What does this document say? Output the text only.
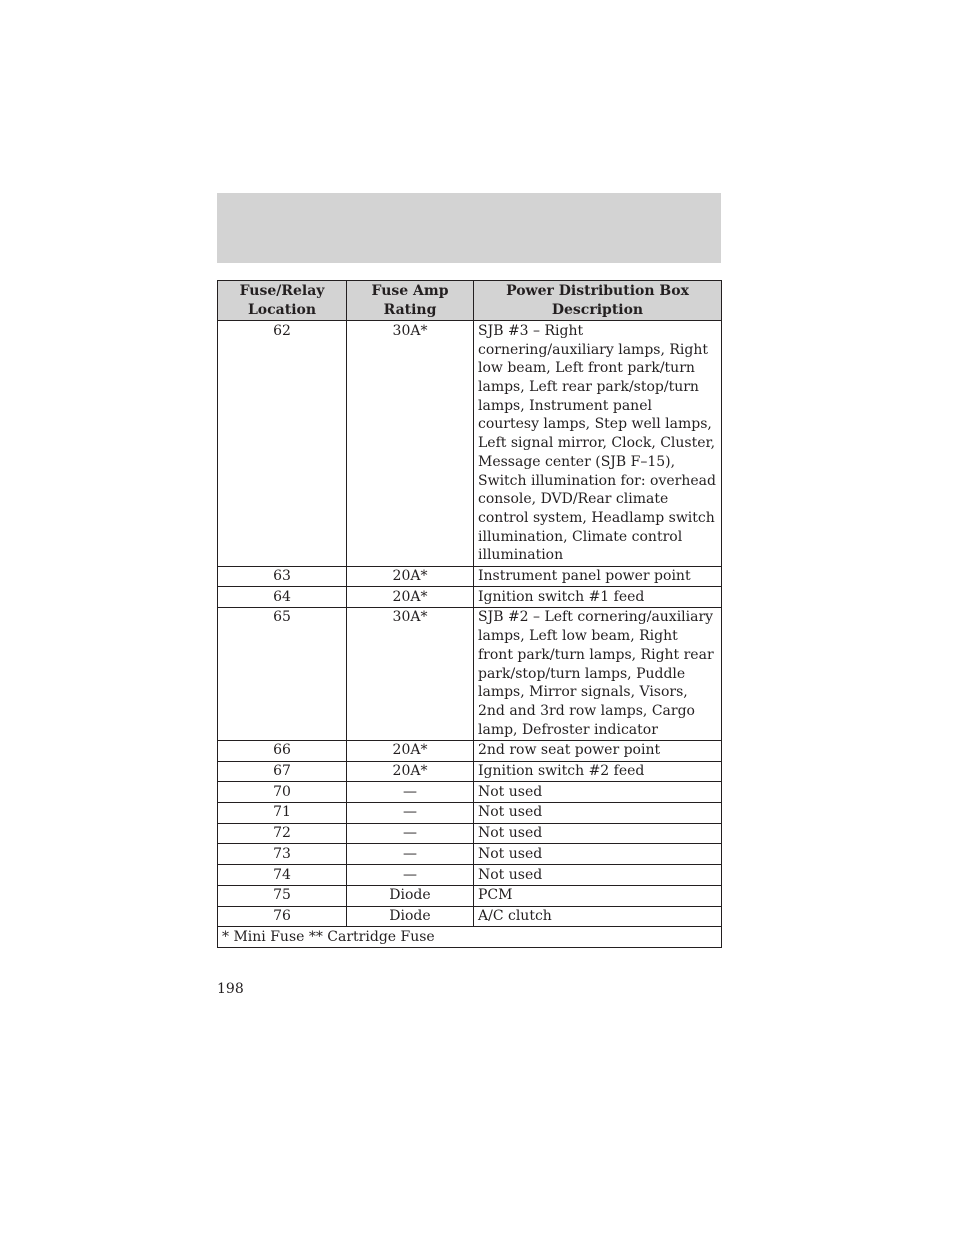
Fuse/Relay Location	Fuse Amp Rating	Power Distribution Box Description
62	30A*	SJB #3 – Right cornering/auxiliary lamps, Right low beam, Left front park/turn lamps, Left rear park/stop/turn lamps, Instrument panel courtesy lamps, Step well lamps, Left signal mirror, Clock, Cluster, Message center (SJB F–15), Switch illumination for: overhead console, DVD/Rear climate control system, Headlamp switch illumination, Climate control illumination
63	20A*	Instrument panel power point
64	20A*	Ignition switch #1 feed
65	30A*	SJB #2 – Left cornering/auxiliary lamps, Left low beam, Right front park/turn lamps, Right rear park/stop/turn lamps, Puddle lamps, Mirror signals, Visors, 2nd and 3rd row lamps, Cargo lamp, Defroster indicator
66	20A*	2nd row seat power point
67	20A*	Ignition switch #2 feed
70	—	Not used
71	—	Not used
72	—	Not used
73	—	Not used
74	—	Not used
75	Diode	PCM
76	Diode	A/C clutch
* Mini Fuse ** Cartridge Fuse		
198
